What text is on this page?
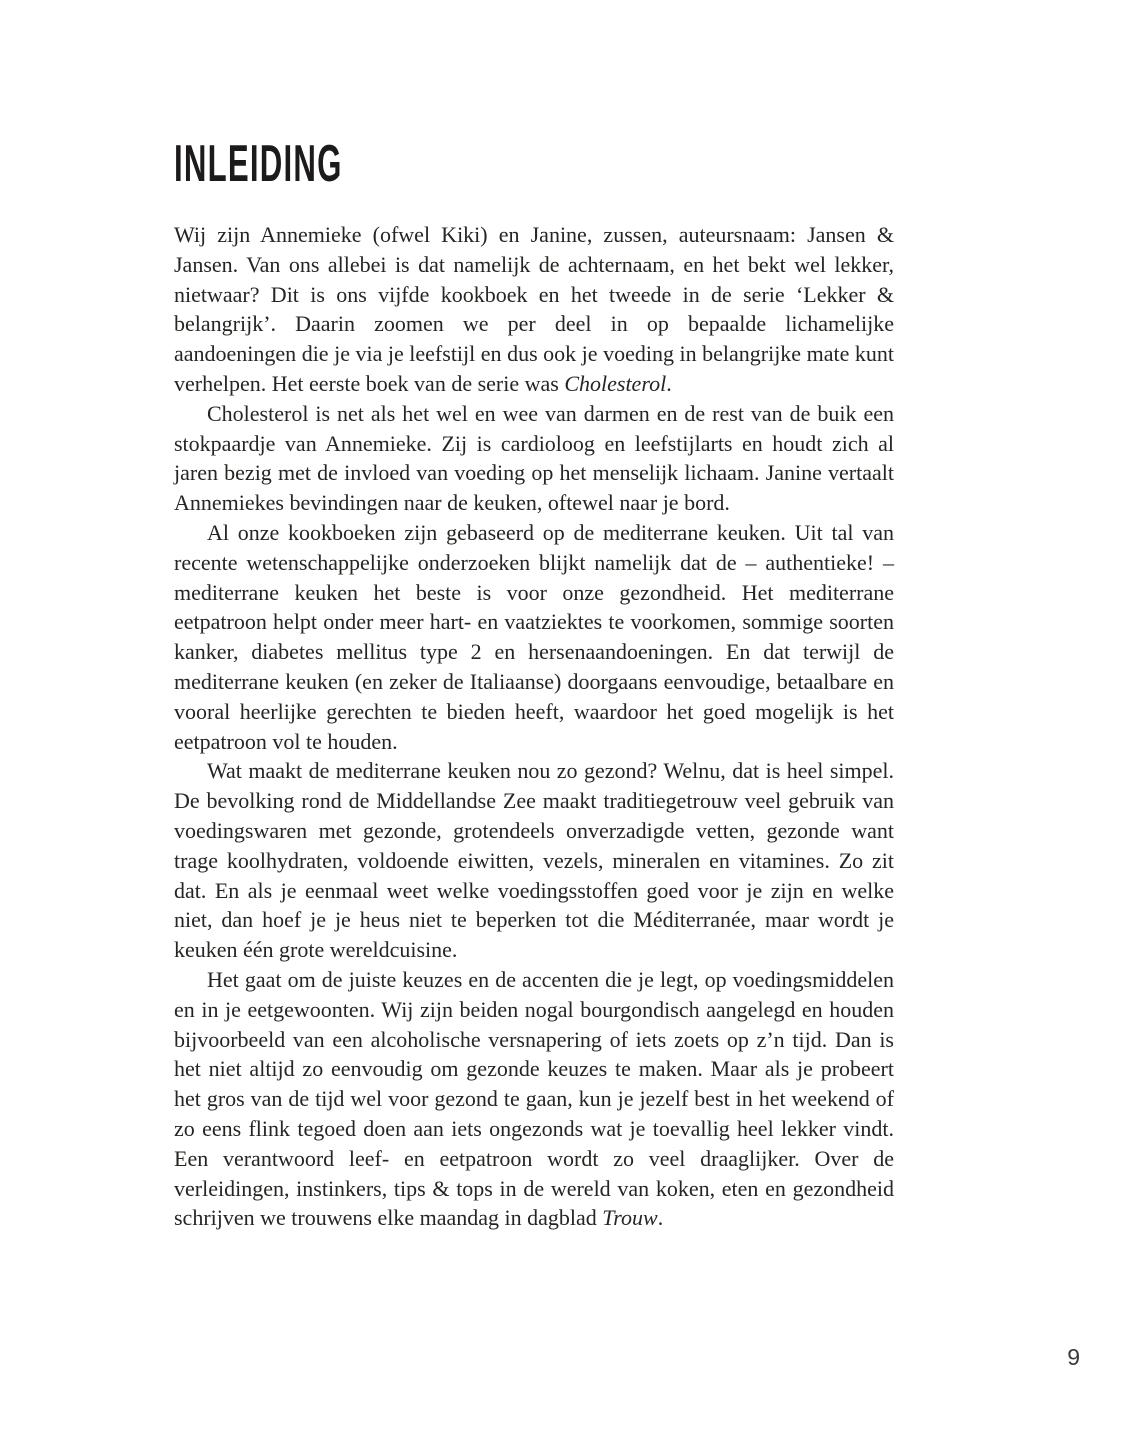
INLEIDING

Wij zijn Annemieke (ofwel Kiki) en Janine, zussen, auteursnaam: Jansen & Jansen. Van ons allebei is dat namelijk de achternaam, en het bekt wel lekker, nietwaar? Dit is ons vijfde kookboek en het tweede in de serie ‘Lekker & belangrijk’. Daarin zoomen we per deel in op bepaalde lichamelijke aandoeningen die je via je leefstijl en dus ook je voeding in belangrijke mate kunt verhelpen. Het eerste boek van de serie was Cholesterol.

Cholesterol is net als het wel en wee van darmen en de rest van de buik een stokpaardje van Annemieke. Zij is cardioloog en leefstijlarts en houdt zich al jaren bezig met de invloed van voeding op het menselijk lichaam. Janine vertaalt Annemiekes bevindingen naar de keuken, oftewel naar je bord.

Al onze kookboeken zijn gebaseerd op de mediterrane keuken. Uit tal van recente wetenschappelijke onderzoeken blijkt namelijk dat de – authentieke! – mediterrane keuken het beste is voor onze gezondheid. Het mediterrane eetpatroon helpt onder meer hart- en vaatziektes te voorkomen, sommige soorten kanker, diabetes mellitus type 2 en hersenaandoeningen. En dat terwijl de mediterrane keuken (en zeker de Italiaanse) doorgaans eenvoudige, betaalbare en vooral heerlijke gerechten te bieden heeft, waardoor het goed mogelijk is het eetpatroon vol te houden.

Wat maakt de mediterrane keuken nou zo gezond? Welnu, dat is heel simpel. De bevolking rond de Middellandse Zee maakt traditiegetrouw veel gebruik van voedingswaren met gezonde, grotendeels onverzadigde vetten, gezonde want trage koolhydraten, voldoende eiwitten, vezels, mineralen en vitamines. Zo zit dat. En als je eenmaal weet welke voedingsstoffen goed voor je zijn en welke niet, dan hoef je je heus niet te beperken tot die Méditerranée, maar wordt je keuken één grote wereldcuisine.

Het gaat om de juiste keuzes en de accenten die je legt, op voedingsmiddelen en in je eetgewoonten. Wij zijn beiden nogal bourgondisch aangelegd en houden bijvoorbeeld van een alcoholische versnapering of iets zoets op z’n tijd. Dan is het niet altijd zo eenvoudig om gezonde keuzes te maken. Maar als je probeert het gros van de tijd wel voor gezond te gaan, kun je jezelf best in het weekend of zo eens flink tegoed doen aan iets ongezonds wat je toevallig heel lekker vindt. Een verantwoord leef- en eetpatroon wordt zo veel draaglijker. Over de verleidingen, instinkers, tips & tops in de wereld van koken, eten en gezondheid schrijven we trouwens elke maandag in dagblad Trouw.

9
